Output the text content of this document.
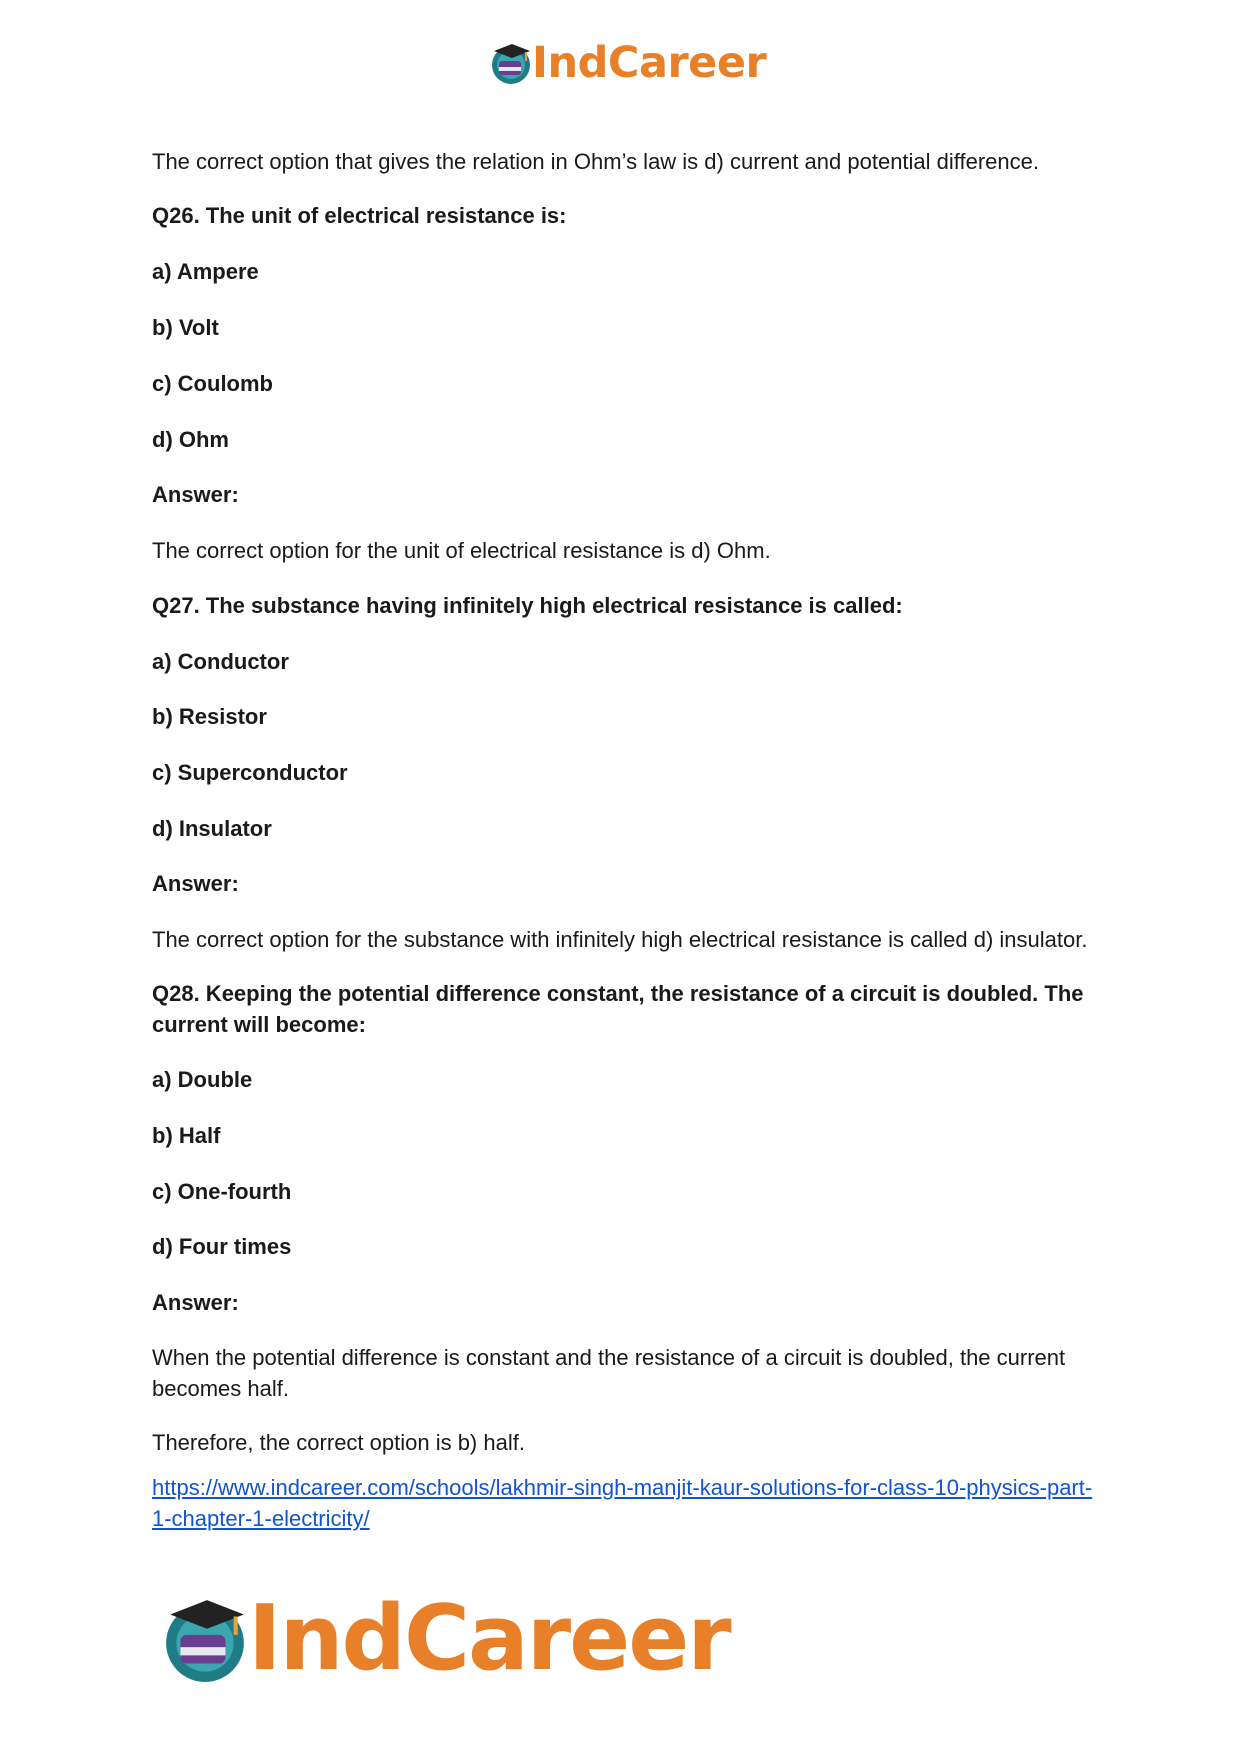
IndCareer

The correct option that gives the relation in Ohm’s law is d) current and potential difference.

Q26. The unit of electrical resistance is:

a) Ampere

b) Volt

c) Coulomb

d) Ohm

Answer:

The correct option for the unit of electrical resistance is d) Ohm.

Q27. The substance having infinitely high electrical resistance is called:

a) Conductor

b) Resistor

c) Superconductor

d) Insulator

Answer:

The correct option for the substance with infinitely high electrical resistance is called d) insulator.

Q28. Keeping the potential difference constant, the resistance of a circuit is doubled. The current will become:

a) Double

b) Half

c) One-fourth

d) Four times

Answer:

When the potential difference is constant and the resistance of a circuit is doubled, the current becomes half.

Therefore, the correct option is b) half.

https://www.indcareer.com/schools/lakhmir-singh-manjit-kaur-solutions-for-class-10-physics-part-1-chapter-1-electricity/
IndCareer
